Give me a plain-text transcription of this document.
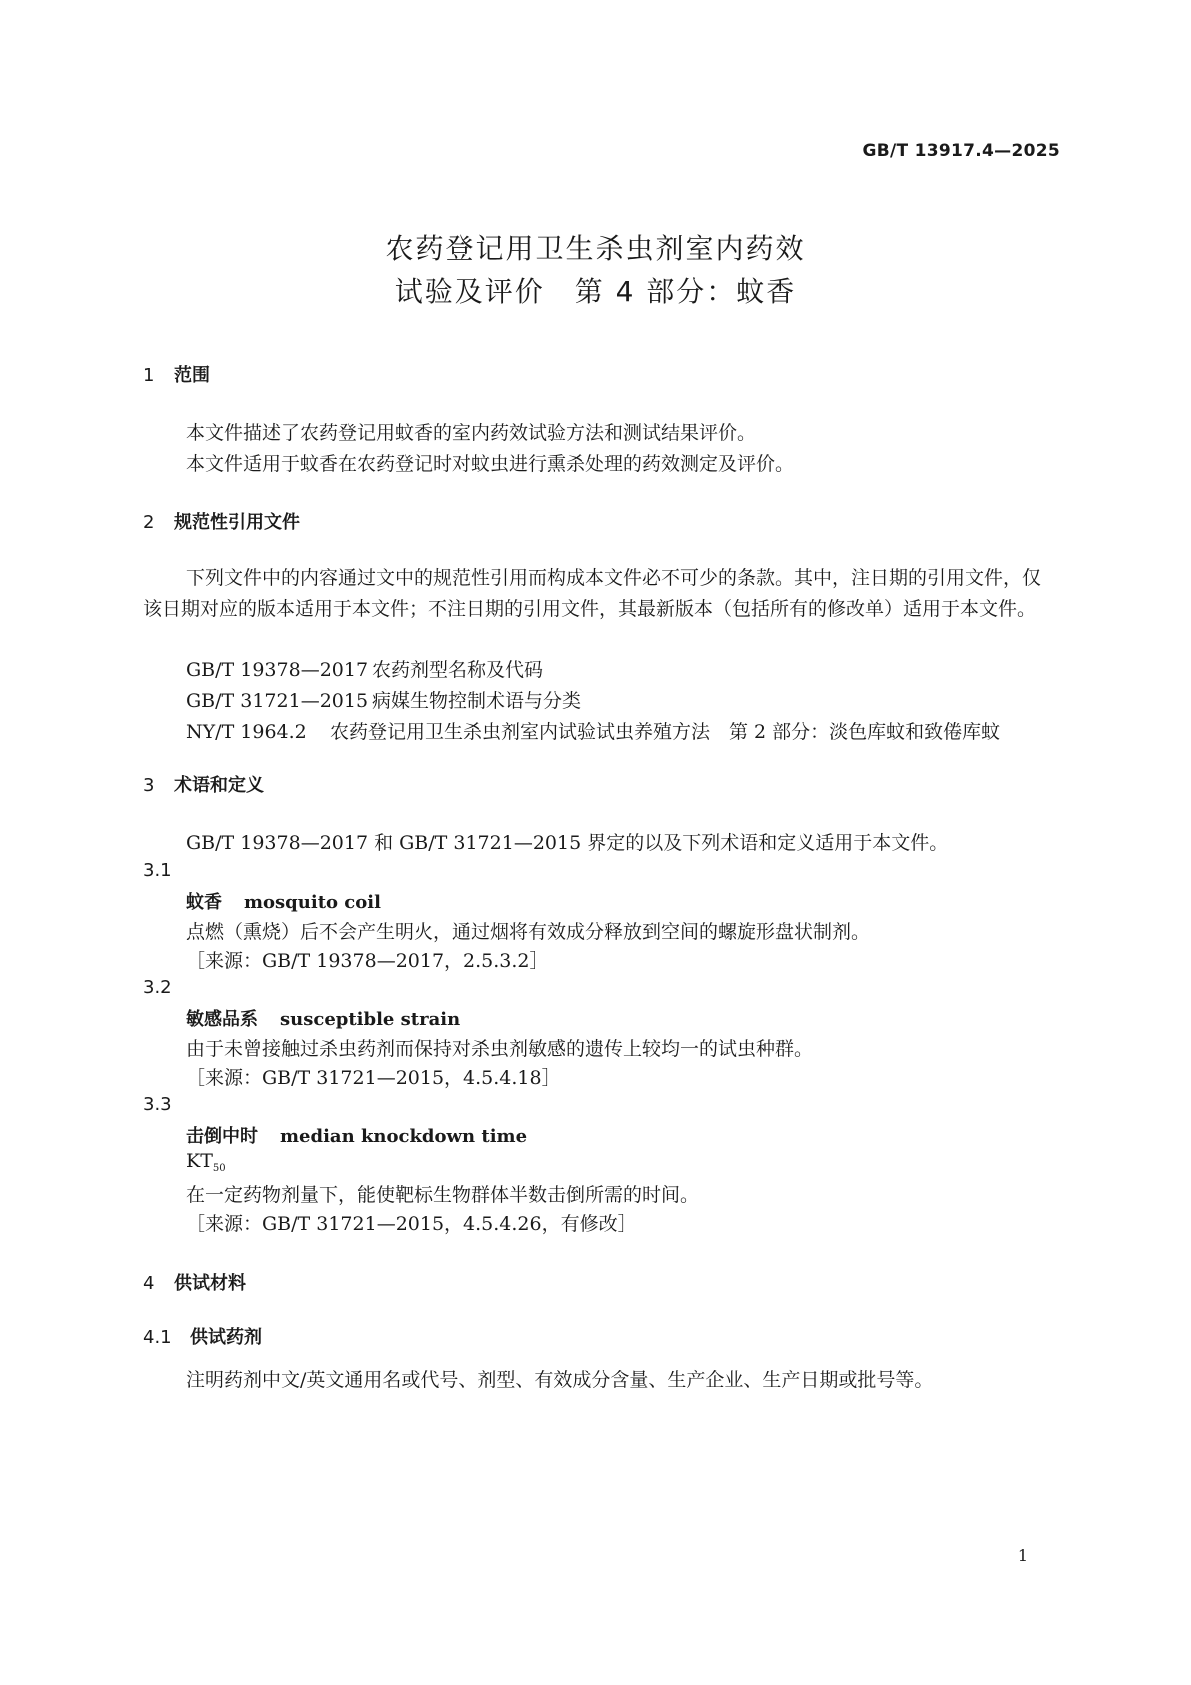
GB/T 13917.4—2025
农药登记用卫生杀虫剂室内药效
试验及评价　第 4 部分：蚊香
1 范围
本文件描述了农药登记用蚊香的室内药效试验方法和测试结果评价。
本文件适用于蚊香在农药登记时对蚊虫进行熏杀处理的药效测定及评价。
2 规范性引用文件
下列文件中的内容通过文中的规范性引用而构成本文件必不可少的条款。其中，注日期的引用文件，仅该日期对应的版本适用于本文件；不注日期的引用文件，其最新版本（包括所有的修改单）适用于本文件。
GB/T 19378—2017 农药剂型名称及代码
GB/T 31721—2015 病媒生物控制术语与分类
NY/T 1964.2 农药登记用卫生杀虫剂室内试验试虫养殖方法　第 2 部分：淡色库蚊和致倦库蚊
3 术语和定义
GB/T 19378—2017 和 GB/T 31721—2015 界定的以及下列术语和定义适用于本文件。
3.1
蚊香 mosquito coil
点燃（熏烧）后不会产生明火，通过烟将有效成分释放到空间的螺旋形盘状制剂。
［来源：GB/T 19378—2017，2.5.3.2］
3.2
敏感品系 susceptible strain
由于未曾接触过杀虫药剂而保持对杀虫剂敏感的遗传上较均一的试虫种群。
［来源：GB/T 31721—2015，4.5.4.18］
3.3
击倒中时 median knockdown time
$KT_{50}$
在一定药物剂量下，能使靶标生物群体半数击倒所需的时间。
［来源：GB/T 31721—2015，4.5.4.26，有修改］
4 供试材料
4.1 供试药剂
注明药剂中文/英文通用名或代号、剂型、有效成分含量、生产企业、生产日期或批号等。
1
